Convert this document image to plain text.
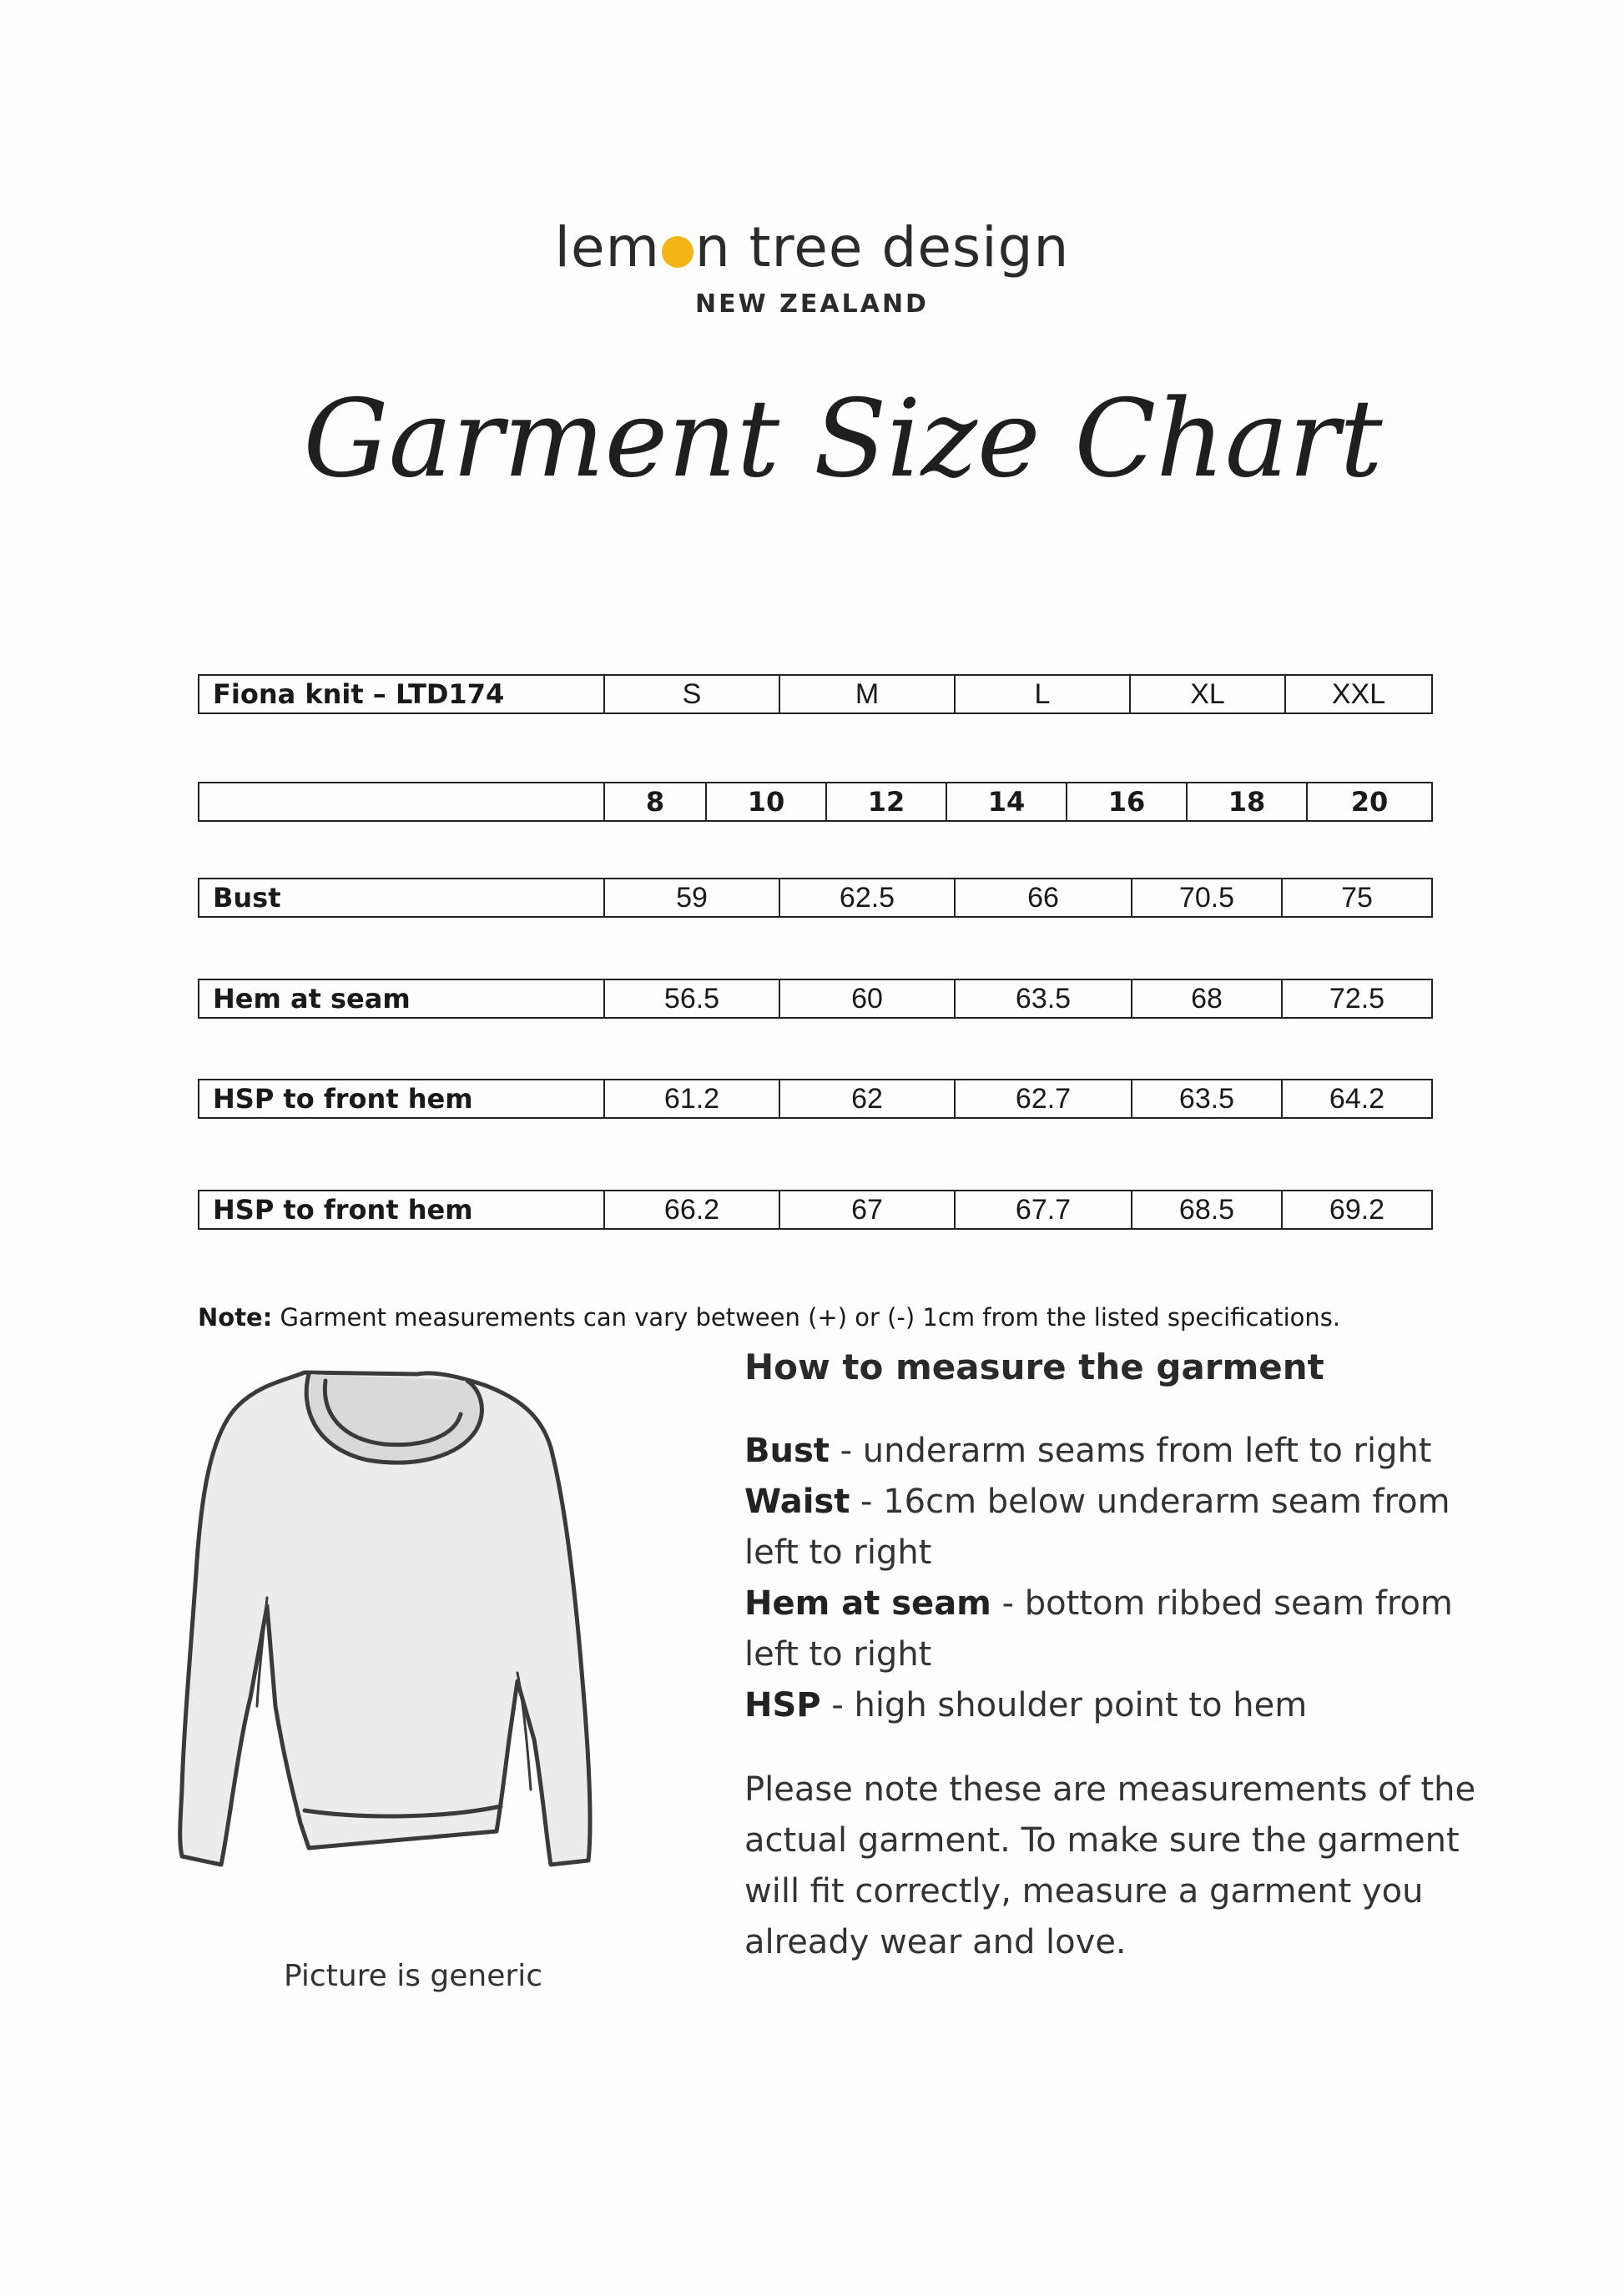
lem n tree design
NEW ZEALAND
Garment Size Chart
Fiona knit – LTD174	S	M	L	XL	XXL
	8	10	12	14	16	18	20
Bust	59	62.5	66	70.5	75
Hem at seam	56.5	60	63.5	68	72.5
HSP to front hem	61.2	62	62.7	63.5	64.2
HSP to front hem	66.2	67	67.7	68.5	69.2
Note: Garment measurements can vary between (+) or (-) 1cm from the listed specifications.
Picture is generic
How to measure the garment
Bust - underarm seams from left to right
Waist - 16cm below underarm seam from left to right
Hem at seam - bottom ribbed seam from left to right
HSP - high shoulder point to hem
Please note these are measurements of the actual garment. To make sure the garment will fit correctly, measure a garment you already wear and love.
